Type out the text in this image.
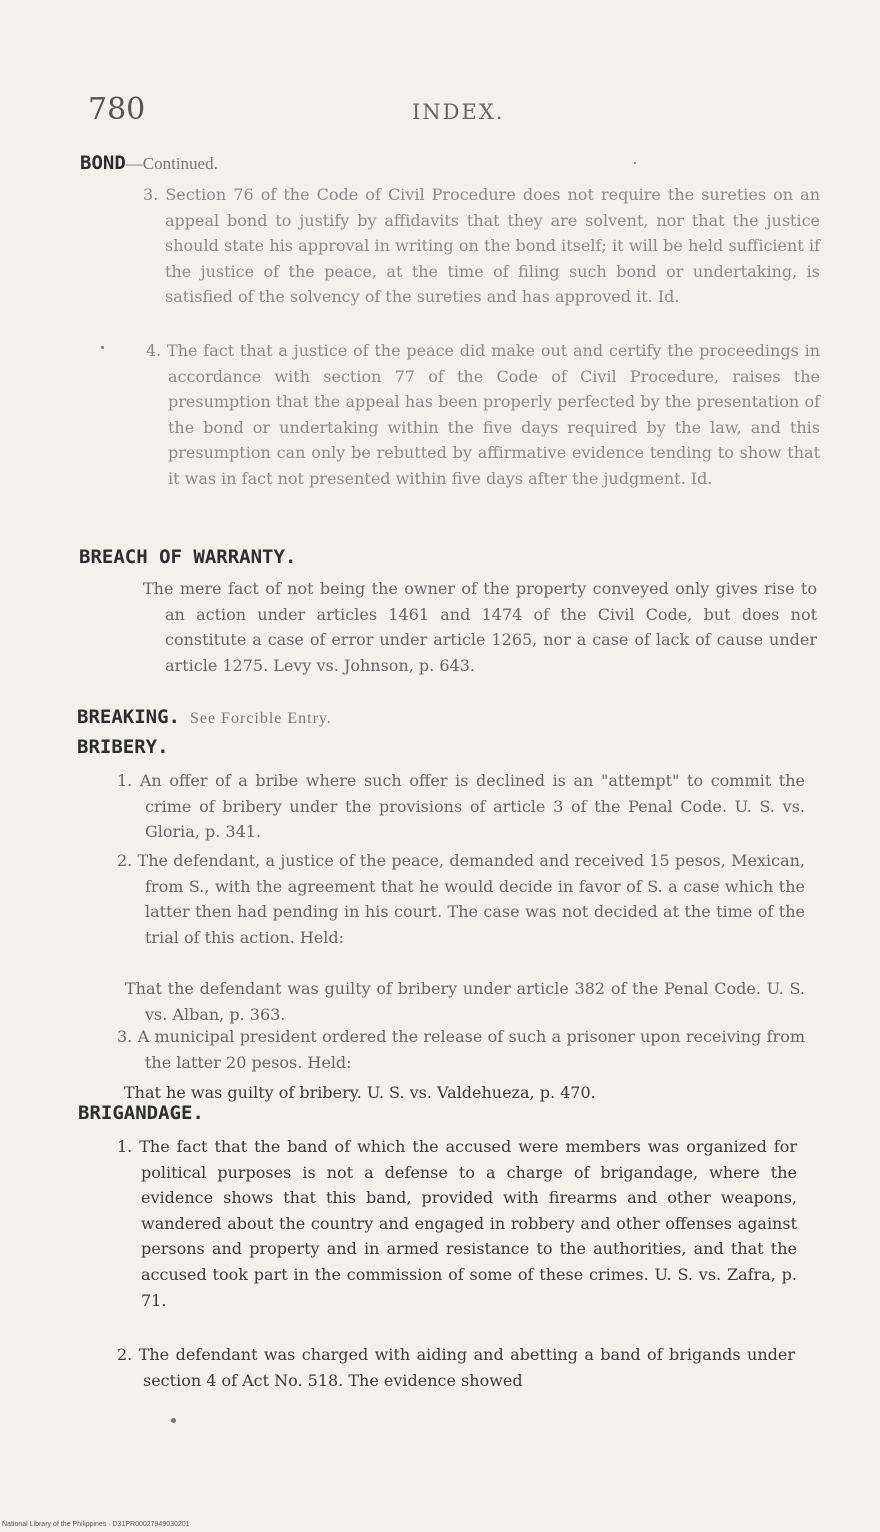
780	INDEX.
BOND—Continued.
3. Section 76 of the Code of Civil Procedure does not require the sureties on an appeal bond to justify by affidavits that they are solvent, nor that the justice should state his approval in writing on the bond itself; it will be held sufficient if the justice of the peace, at the time of filing such bond or undertaking, is satisfied of the solvency of the sureties and has approved it. Id.
4. The fact that a justice of the peace did make out and certify the proceedings in accordance with section 77 of the Code of Civil Procedure, raises the presumption that the appeal has been properly perfected by the presentation of the bond or undertaking within the five days required by the law, and this presumption can only be rebutted by affirmative evidence tending to show that it was in fact not presented within five days after the judgment. Id.
BREACH OF WARRANTY.
The mere fact of not being the owner of the property conveyed only gives rise to an action under articles 1461 and 1474 of the Civil Code, but does not constitute a case of error under article 1265, nor a case of lack of cause under article 1275. Levy vs. Johnson, p. 643.
BREAKING. See Forcible Entry.
BRIBERY.
1. An offer of a bribe where such offer is declined is an "attempt" to commit the crime of bribery under the provisions of article 3 of the Penal Code. U. S. vs. Gloria, p. 341.
2. The defendant, a justice of the peace, demanded and received 15 pesos, Mexican, from S., with the agreement that he would decide in favor of S. a case which the latter then had pending in his court. The case was not decided at the time of the trial of this action. Held:
That the defendant was guilty of bribery under article 382 of the Penal Code. U. S. vs. Alban, p. 363.
3. A municipal president ordered the release of such a prisoner upon receiving from the latter 20 pesos. Held:
That he was guilty of bribery. U. S. vs. Valdehueza, p. 470.
BRIGANDAGE.
1. The fact that the band of which the accused were members was organized for political purposes is not a defense to a charge of brigandage, where the evidence shows that this band, provided with firearms and other weapons, wandered about the country and engaged in robbery and other offenses against persons and property and in armed resistance to the authorities, and that the accused took part in the commission of some of these crimes. U. S. vs. Zafra, p. 71.
2. The defendant was charged with aiding and abetting a band of brigands under section 4 of Act No. 518. The evidence showed
National Library of the Philippines · D31PR00027949030201
